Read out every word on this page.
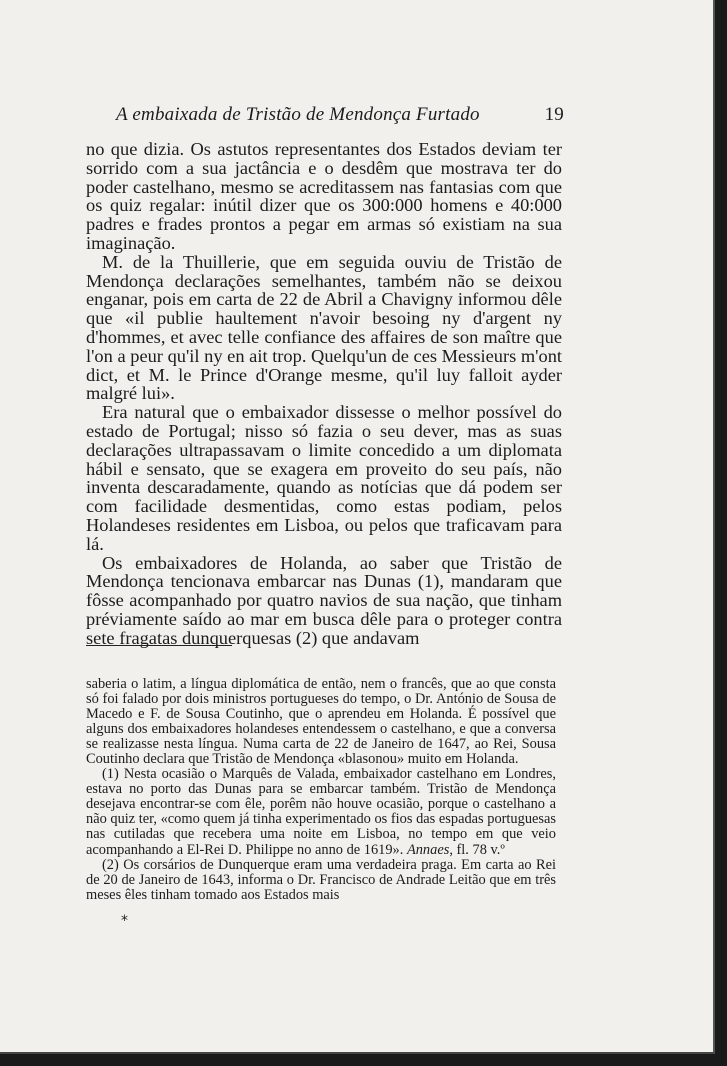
A embaixada de Tristão de Mendonça Furtado	19

no que dizia. Os astutos representantes dos Estados deviam ter sorrido com a sua jactância e o desdêm que mostrava ter do poder castelhano, mesmo se acreditassem nas fantasias com que os quiz regalar: inútil dizer que os 300:000 homens e 40:000 padres e frades prontos a pegar em armas só existiam na sua imaginação.

M. de la Thuillerie, que em seguida ouviu de Tristão de Mendonça declarações semelhantes, também não se deixou enganar, pois em carta de 22 de Abril a Chavigny informou dêle que «il publie haultement n'avoir besoing ny d'argent ny d'hommes, et avec telle confiance des affaires de son maître que l'on a peur qu'il ny en ait trop. Quelqu'un de ces Messieurs m'ont dict, et M. le Prince d'Orange mesme, qu'il luy falloit ayder malgré lui».

Era natural que o embaixador dissesse o melhor possível do estado de Portugal; nisso só fazia o seu dever, mas as suas declarações ultrapassavam o limite concedido a um diplomata hábil e sensato, que se exagera em proveito do seu país, não inventa descaradamente, quando as notícias que dá podem ser com facilidade desmentidas, como estas podiam, pelos Holandeses residentes em Lisboa, ou pelos que traficavam para lá.

Os embaixadores de Holanda, ao saber que Tristão de Mendonça tencionava embarcar nas Dunas (1), mandaram que fôsse acompanhado por quatro navios de sua nação, que tinham préviamente saído ao mar em busca dêle para o proteger contra sete fragatas dunquerquesas (2) que andavam

saberia o latim, a língua diplomática de então, nem o francês, que ao que consta só foi falado por dois ministros portugueses do tempo, o Dr. António de Sousa de Macedo e F. de Sousa Coutinho, que o aprendeu em Holanda. É possível que alguns dos embaixadores holandeses entendessem o castelhano, e que a conversa se realizasse nesta língua. Numa carta de 22 de Janeiro de 1647, ao Rei, Sousa Coutinho declara que Tristão de Mendonça «blasonou» muito em Holanda.

(1) Nesta ocasião o Marquês de Valada, embaixador castelhano em Londres, estava no porto das Dunas para se embarcar também. Tristão de Mendonça desejava encontrar-se com êle, porêm não houve ocasião, porque o castelhano a não quiz ter, «como quem já tinha experimentado os fios das espadas portuguesas nas cutiladas que recebera uma noite em Lisboa, no tempo em que veio acompanhando a El-Rei D. Philippe no anno de 1619». Annaes, fl. 78 v.º

(2) Os corsários de Dunquerque eram uma verdadeira praga. Em carta ao Rei de 20 de Janeiro de 1643, informa o Dr. Francisco de Andrade Leitão que em três meses êles tinham tomado aos Estados mais

*
